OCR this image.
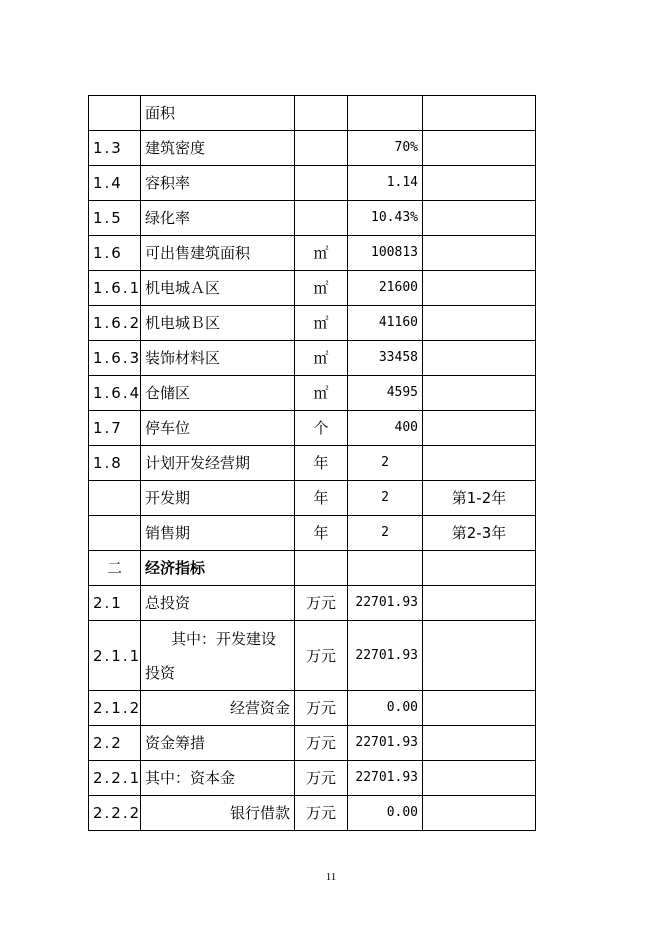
	面积			
1.3	建筑密度		70%	
1.4	容积率		1.14	
1.5	绿化率		10.43%	
1.6	可出售建筑面积	㎡	100813	
1.6.1	机电城Ａ区	㎡	21600	
1.6.2	机电城Ｂ区	㎡	41160	
1.6.3	装饰材料区	㎡	33458	
1.6.4	仓储区	㎡	4595	
1.7	停车位	个	400	
1.8	计划开发经营期	年	2	
	开发期	年	2	第1-2年
	销售期	年	2	第2-3年
二	经济指标			
2.1	总投资	万元	22701.93	
2.1.1	其中：开发建设投资	万元	22701.93	
2.1.2	经营资金	万元	0.00	
2.2	资金筹措	万元	22701.93	
2.2.1	其中：资本金	万元	22701.93	
2.2.2	银行借款	万元	0.00	
11
